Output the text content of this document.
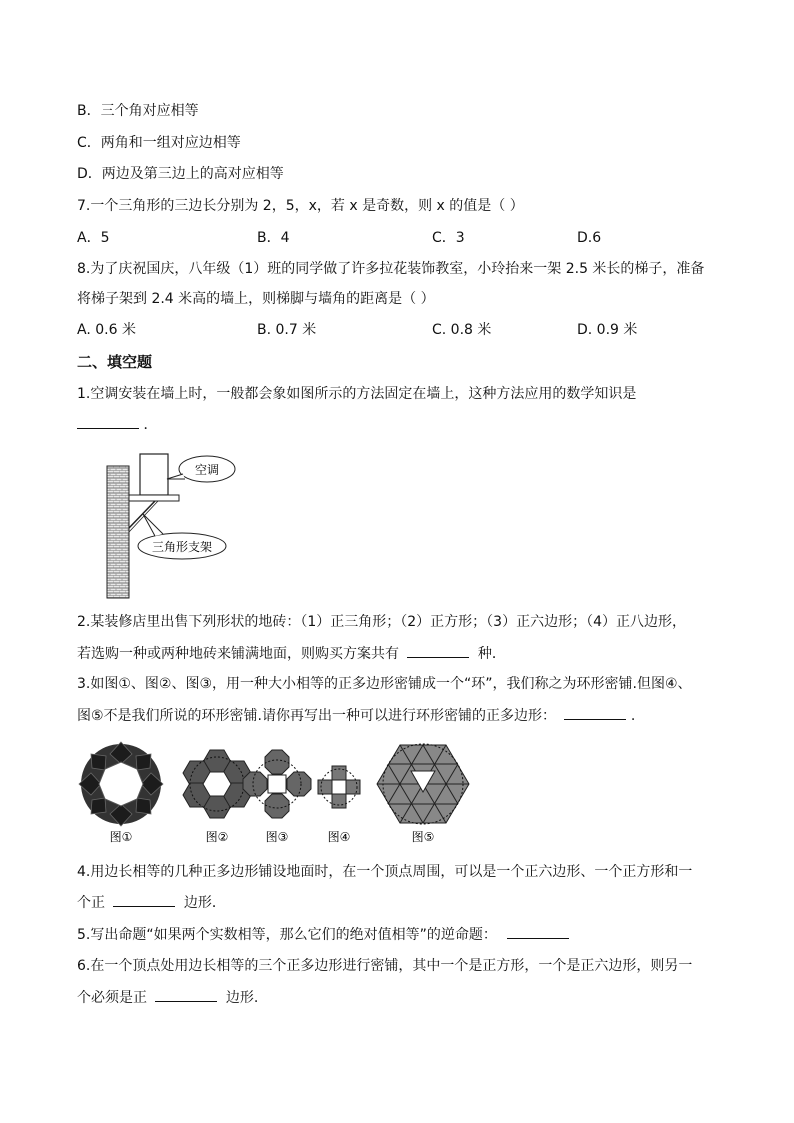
B．三个角对应相等
C．两角和一组对应边相等
D．两边及第三边上的高对应相等
7.一个三角形的三边长分别为 2，5，x，若 x 是奇数，则 x 的值是（ ）
A．5	B．4	C．3	D.6
8.为了庆祝国庆，八年级（1）班的同学做了许多拉花装饰教室，小玲抬来一架 2.5 米长的梯子，准备
将梯子架到 2.4 米高的墙上，则梯脚与墙角的距离是（ ）
A. 0.6 米	B. 0.7 米	C. 0.8 米	D. 0.9 米
二、填空题
1.空调安装在墙上时，一般都会象如图所示的方法固定在墙上，这种方法应用的数学知识是
．
空调
三角形支架
2.某装修店里出售下列形状的地砖：（1）正三角形；（2）正方形；（3）正六边形；（4）正八边形，
若选购一种或两种地砖来铺满地面，则购买方案共有	种．
3.如图①、图②、图③，用一种大小相等的正多边形密铺成一个“环”，我们称之为环形密铺.但图④、
图⑤不是我们所说的环形密铺.请你再写出一种可以进行环形密铺的正多边形：	.
图①	图②	图③	图④	图⑤
4.用边长相等的几种正多边形铺设地面时，在一个顶点周围，可以是一个正六边形、一个正方形和一
个正	边形．
5.写出命题“如果两个实数相等，那么它们的绝对值相等”的逆命题：
6.在一个顶点处用边长相等的三个正多边形进行密铺，其中一个是正方形，一个是正六边形，则另一
个必须是正	边形.
